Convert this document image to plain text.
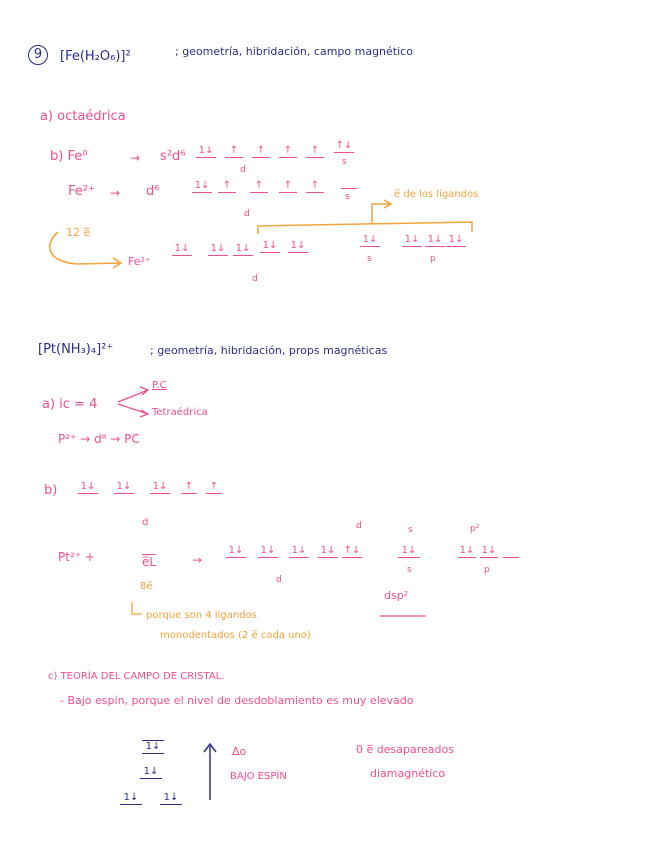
9	[Fe(H₂O₆)]²	; geometría, hibridación, campo magnético
a) octaédrica
b) Fe⁰	→ s²d⁶ 1↓	↑	↑	↑	↑	↑↓
d
s
Fe²⁺ → d⁶	1↓	↑	↑	↑	↑
d
s	e̅ de los ligandos
12 e̅
Fe²⁺
1↓ 1↓ 1↓ 1↓ 1↓
1↓	1↓ 1↓ 1↓
d
s	p
[Pt(NH₃)₄]²⁺	; geometría, hibridación, props magnéticas
a) ic = 4
P.C
Tetraédrica
P²⁺ → d⁸ → PC
b) 1↓ 1↓ 1↓	↑	↑
d
Pt²⁺ +	e̅L
8e̅
→
1↓ 1↓ 1↓ 1↓ ↑↓	1↓	1↓ 1↓
d	s	p²
d
s	p
dsp²
porque son 4 ligandos
monodentados (2 e̅ cada uno)
c) TEORÍA DEL CAMPO DE CRISTAL.
- Bajo espín, porque el nivel de desdoblamiento es muy elevado
1↓
1↓
1↓	1↓
Δo
BAJO ESPÍN
0 e̅ desapareados
diamagnético
